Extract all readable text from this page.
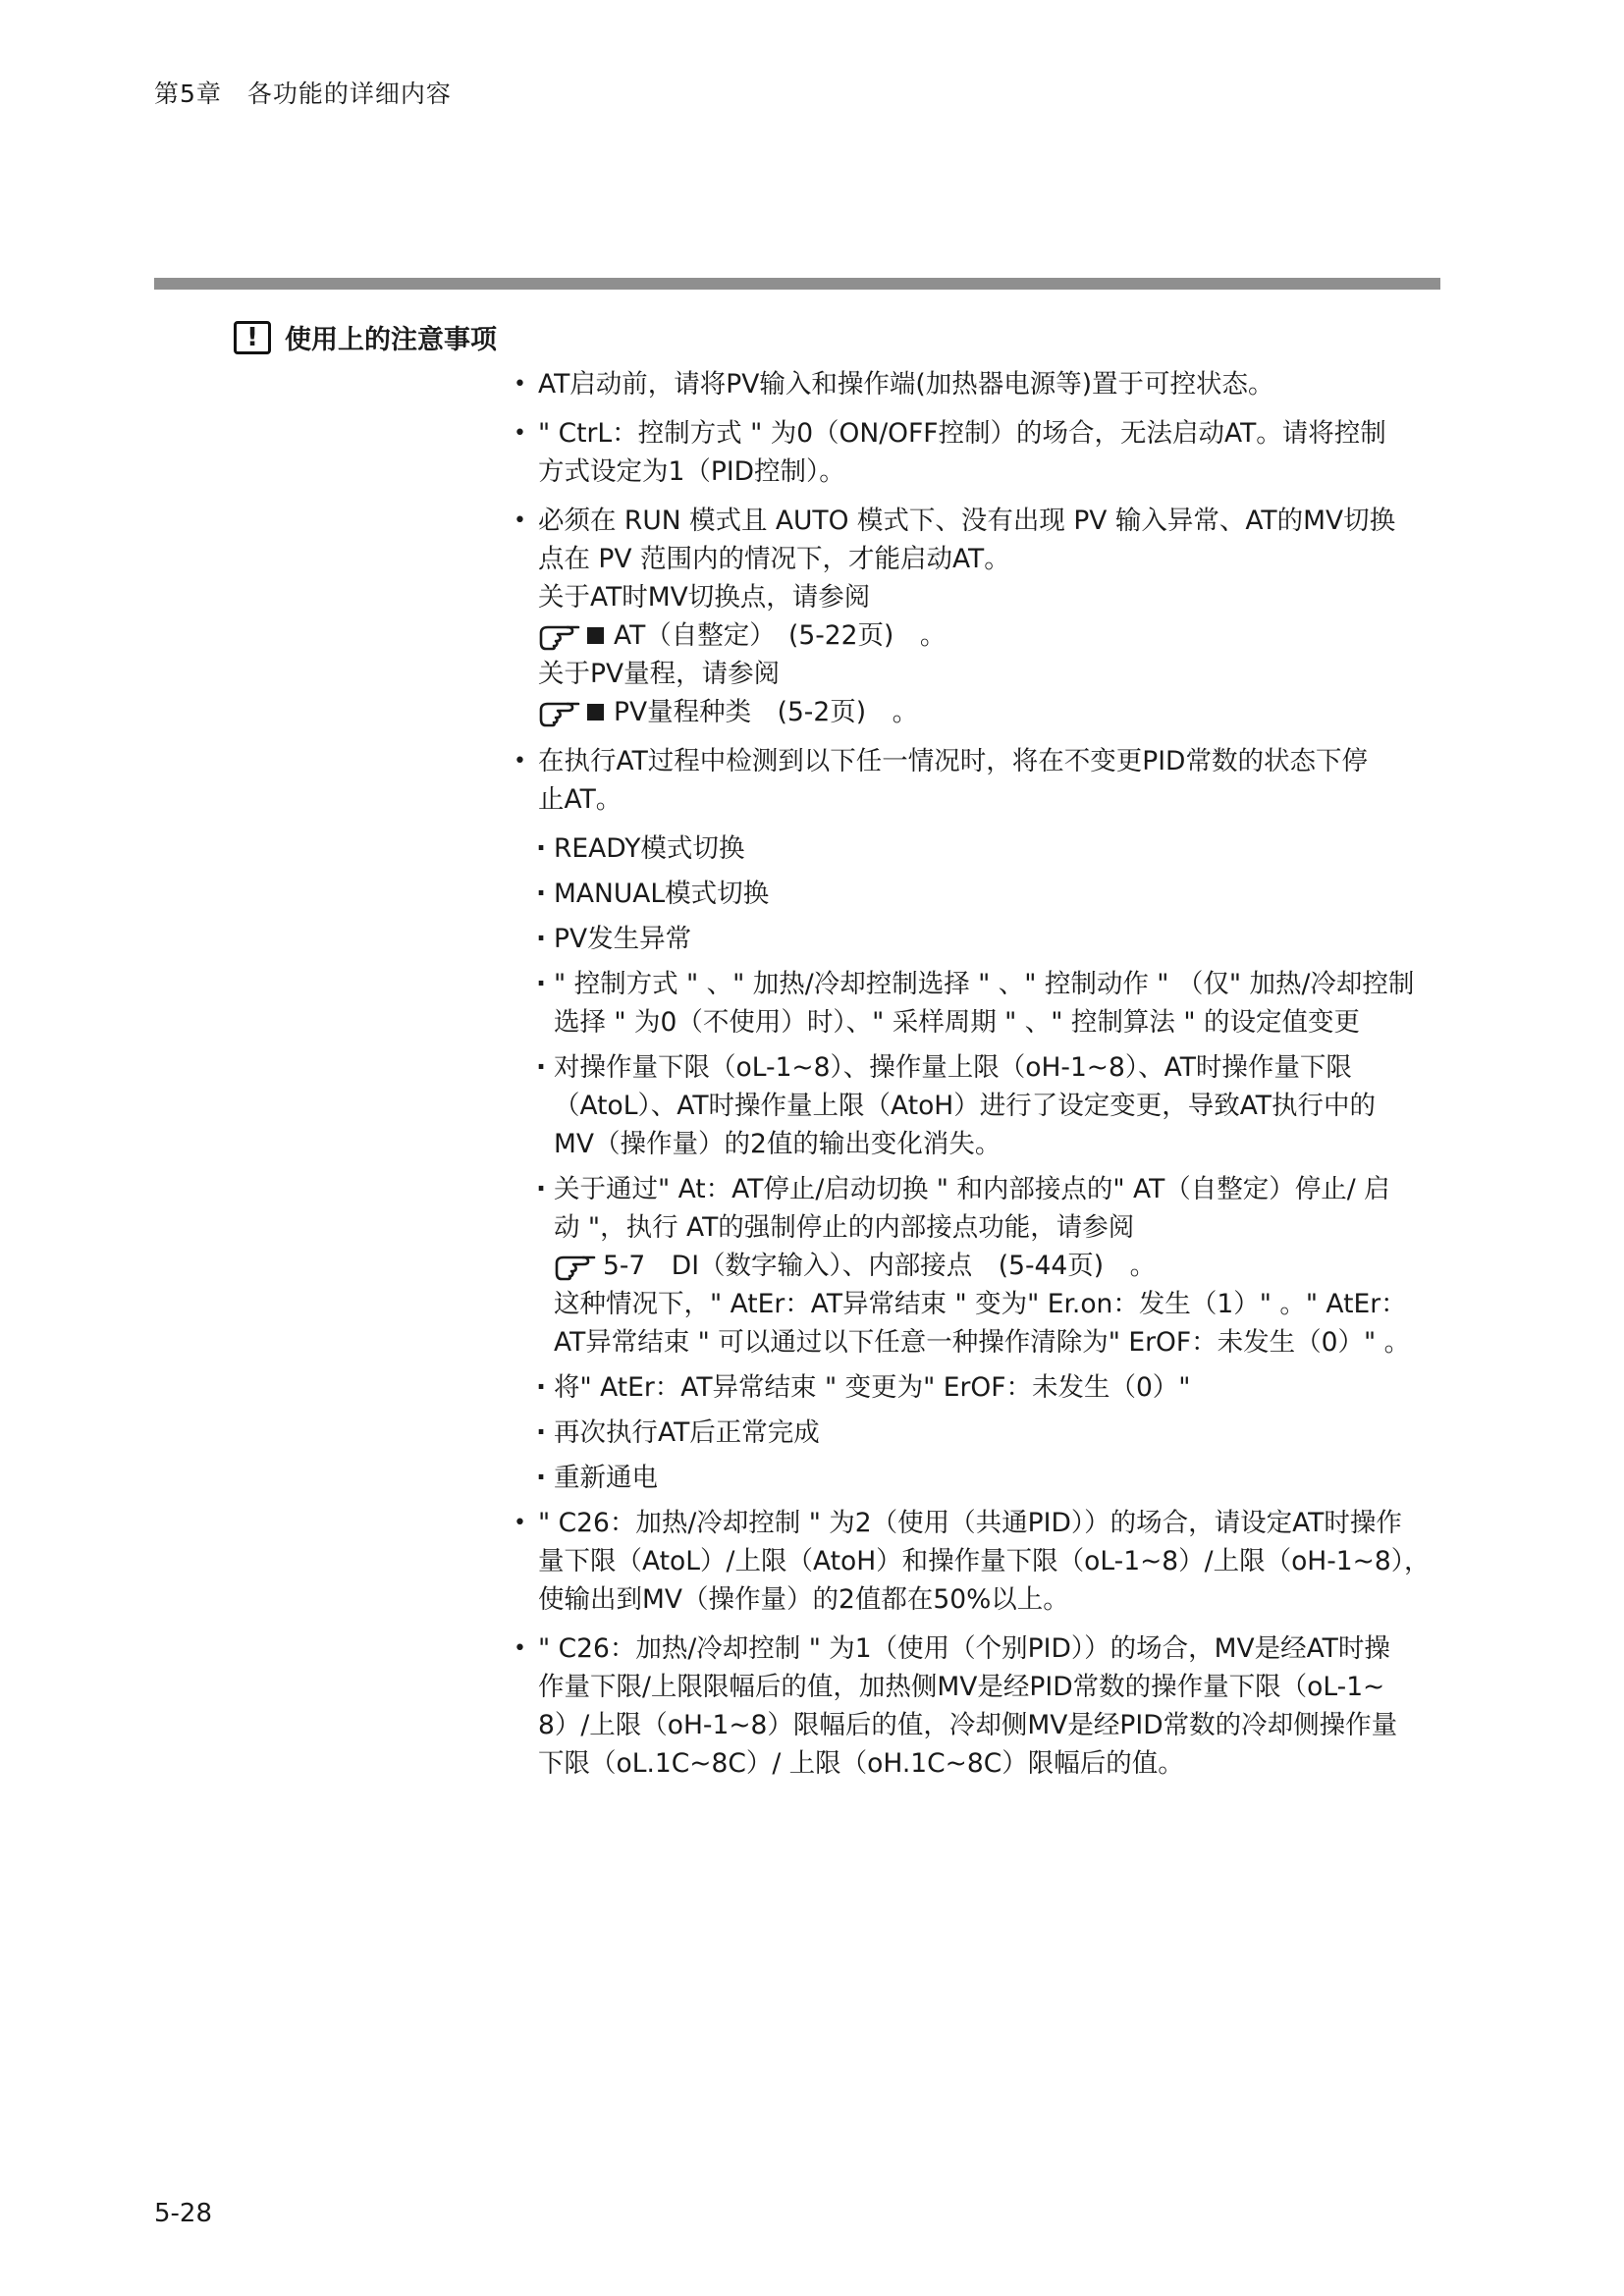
第5章　各功能的详细内容
!	使用上的注意事项

• AT启动前，请将PV输入和操作端(加热器电源等)置于可控状态。

• " CtrL：控制方式 " 为0（ON/OFF控制）的场合，无法启动AT。请将控制

方式设定为1（PID控制）。

• 必须在 RUN 模式且 AUTO 模式下、没有出现 PV 输入异常、AT的MV切换

点在 PV 范围内的情况下，才能启动AT。

关于AT时MV切换点，请参阅

AT（自整定）　(5-22页)　。

关于PV量程，请参阅

PV量程种类　(5-2页)　。

• 在执行AT过程中检测到以下任一情况时，将在不变更PID常数的状态下停

止AT。

· READY模式切换

· MANUAL模式切换

· PV发生异常

· " 控制方式 " 、" 加热/冷却控制选择 " 、" 控制动作 " （仅" 加热/冷却控制

选择 " 为0（不使用）时）、" 采样周期 " 、" 控制算法 " 的设定值变更

· 对操作量下限（oL-1~8）、操作量上限（oH-1~8）、AT时操作量下限

（AtoL）、AT时操作量上限（AtoH）进行了设定变更，导致AT执行中的

MV（操作量）的2值的输出变化消失。

· 关于通过" At：AT停止/启动切换 " 和内部接点的" AT（自整定）停止/ 启

动 "，执行 AT的强制停止的内部接点功能，请参阅

5-7　DI（数字输入）、内部接点　(5-44页)　。

这种情况下，" AtEr：AT异常结束 " 变为" Er.on：发生（1）" 。" AtEr：

AT异常结束 " 可以通过以下任意一种操作清除为" ErOF：未发生（0）" 。

· 将" AtEr：AT异常结束 " 变更为" ErOF：未发生（0）"

· 再次执行AT后正常完成

· 重新通电

• " C26：加热/冷却控制 " 为2（使用（共通PID））的场合，请设定AT时操作

量下限（AtoL）/上限（AtoH）和操作量下限（oL-1~8）/上限（oH-1~8），

使输出到MV（操作量）的2值都在50%以上。

• " C26：加热/冷却控制 " 为1（使用（个别PID））的场合，MV是经AT时操

作量下限/上限限幅后的值，加热侧MV是经PID常数的操作量下限（oL-1~

8）/上限（oH-1~8）限幅后的值，冷却侧MV是经PID常数的冷却侧操作量

下限（oL.1C~8C）/ 上限（oH.1C~8C）限幅后的值。

5-28
